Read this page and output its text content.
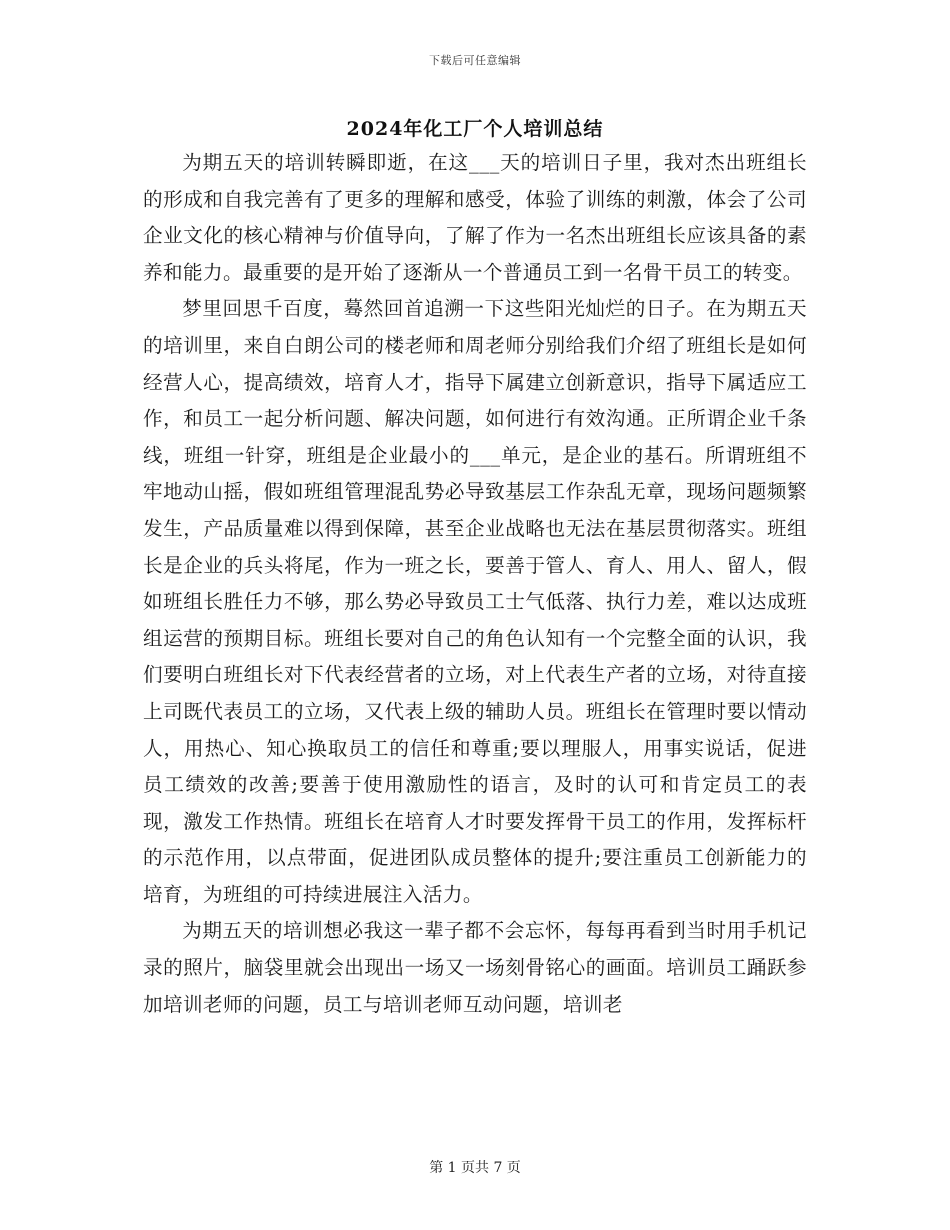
下载后可任意编辑
2024年化工厂个人培训总结

为期五天的培训转瞬即逝，在这___天的培训日子里，我对杰出班组长的形成和自我完善有了更多的理解和感受，体验了训练的刺激，体会了公司企业文化的核心精神与价值导向，了解了作为一名杰出班组长应该具备的素养和能力。最重要的是开始了逐渐从一个普通员工到一名骨干员工的转变。

梦里回思千百度，蓦然回首追溯一下这些阳光灿烂的日子。在为期五天的培训里，来自白朗公司的楼老师和周老师分别给我们介绍了班组长是如何经营人心，提高绩效，培育人才，指导下属建立创新意识，指导下属适应工作，和员工一起分析问题、解决问题，如何进行有效沟通。正所谓企业千条线，班组一针穿，班组是企业最小的___单元，是企业的基石。所谓班组不牢地动山摇，假如班组管理混乱势必导致基层工作杂乱无章，现场问题频繁发生，产品质量难以得到保障，甚至企业战略也无法在基层贯彻落实。班组长是企业的兵头将尾，作为一班之长，要善于管人、育人、用人、留人，假如班组长胜任力不够，那么势必导致员工士气低落、执行力差，难以达成班组运营的预期目标。班组长要对自己的角色认知有一个完整全面的认识，我们要明白班组长对下代表经营者的立场，对上代表生产者的立场，对待直接上司既代表员工的立场，又代表上级的辅助人员。班组长在管理时要以情动人，用热心、知心换取员工的信任和尊重;要以理服人，用事实说话，促进员工绩效的改善;要善于使用激励性的语言，及时的认可和肯定员工的表现，激发工作热情。班组长在培育人才时要发挥骨干员工的作用，发挥标杆的示范作用，以点带面，促进团队成员整体的提升;要注重员工创新能力的培育，为班组的可持续进展注入活力。

为期五天的培训想必我这一辈子都不会忘怀，每每再看到当时用手机记录的照片，脑袋里就会出现出一场又一场刻骨铭心的画面。培训员工踊跃参加培训老师的问题，员工与培训老师互动问题，培训老

第 1 页共 7 页
